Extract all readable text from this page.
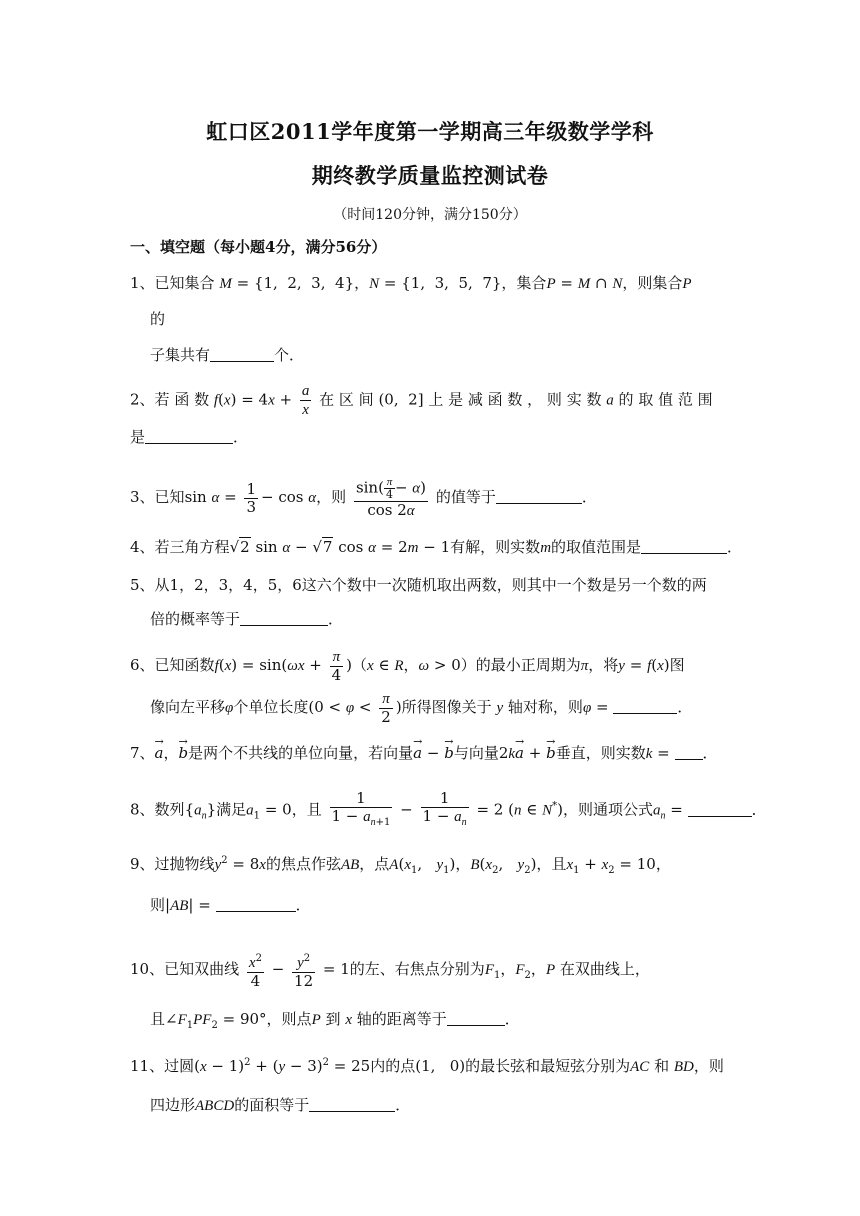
虹口区2011学年度第一学期高三年级数学学科
期终教学质量监控测试卷
（时间120分钟，满分150分）
一、填空题（每小题4分，满分56分）
1、已知集合 M = {1,  2,  3,  4}，N = {1,  3,  5,  7}，集合P = M ∩ N，则集合P
的
子集共有	个．
2、若 函 数 $f(x) = 4x + \frac{a}{x}$ 在 区 间 (0,  2] 上 是 减 函 数 ， 则 实 数 a 的 取 值 范 围
是	．
3、已知$\sin \alpha = \frac{1}{3} - \cos \alpha$，则 $\frac{\sin( \frac{\pi}{4} - \alpha)}{\cos 2\alpha}$ 的值等于	．
4、若三角方程√2 sin α − √7 cos α = 2m − 1有解，则实数m的取值范围是	．
5、从1，2，3，4，5，6这六个数中一次随机取出两数，则其中一个数是另一个数的两
倍的概率等于	．
6、已知函数$f(x) = \sin(\omega x + \frac{\pi}{4} )(x$ ∈ R，ω > 0）的最小正周期为π，将y = f(x)图
像向左平移φ个单位长度($0 < \varphi < \frac{\pi}{2}$ )所得图像关于 y 轴对称，则φ =	．
7、→ a，→ b是两个不共线的单位向量，若向量→ a − → b与向量2k→ a + → b垂直，则实数k = ．
8、数列$\{a_n\}$满足$a_1 = 0$，且 $\frac{1}{1 - a_{n+1}} - \frac{1}{1 - a_n} = 2$ (n ∈ N*)，则通项公式$a_n$ =	．
9、过抛物线$y^2 = 8x$的焦点作弦AB，点$A(x_1$,   $y_1$)，$B(x_2$,   $y_2$)，且$x_1 + x_2 = 10$，
则|AB| =	．
10、已知双曲线 $\frac{x^2}{4} - \frac{y^2}{12} = 1$的左、右焦点分别为$F_1$，$F_2$，P 在双曲线上，
且$\angle F_1PF_2 = 90^\circ$，则点P 到 x 轴的距离等于	．
11、过圆$(x - 1)^2 + (y - 3)^2 = 25$内的点(1,   0)的最长弦和最短弦分别为AC 和 BD，则
四边形ABCD的面积等于	．
